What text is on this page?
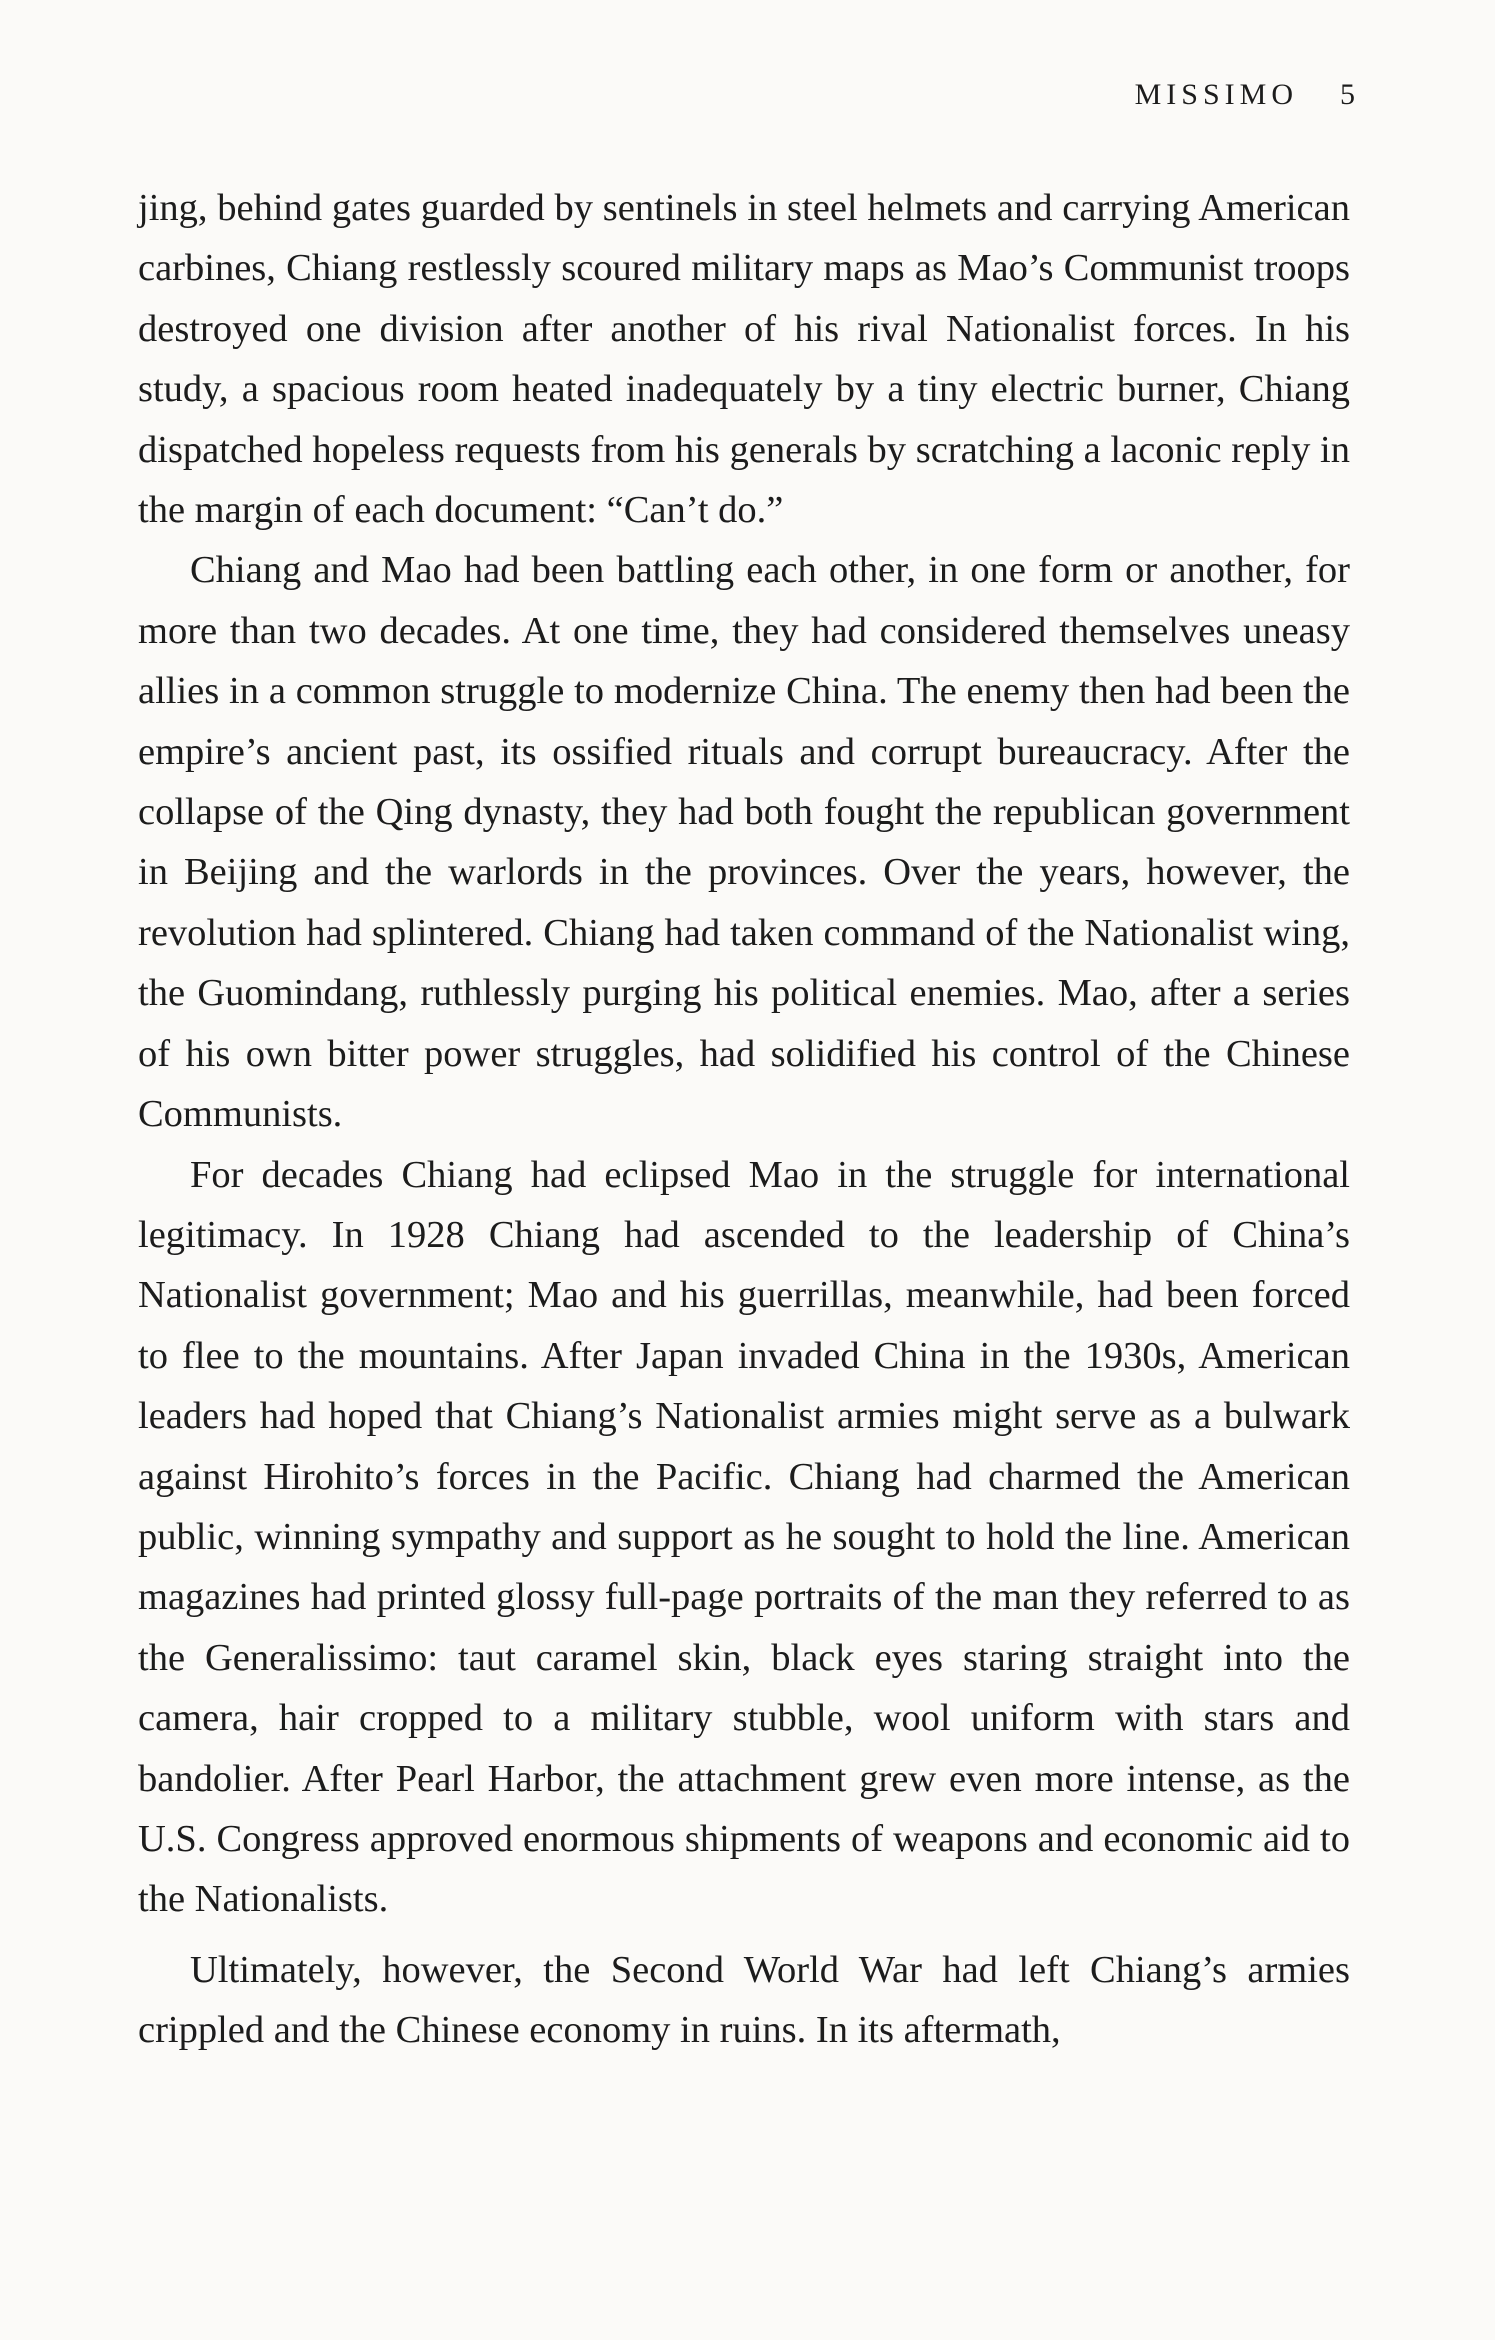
MISSIMO 5

jing, behind gates guarded by sentinels in steel helmets and carrying American carbines, Chiang restlessly scoured military maps as Mao’s Communist troops destroyed one division after another of his rival Nationalist forces. In his study, a spacious room heated inadequately by a tiny electric burner, Chiang dispatched hopeless requests from his generals by scratching a laconic reply in the margin of each document: “Can’t do.”

Chiang and Mao had been battling each other, in one form or another, for more than two decades. At one time, they had considered themselves uneasy allies in a common struggle to modernize China. The enemy then had been the empire’s ancient past, its ossified rituals and corrupt bureaucracy. After the collapse of the Qing dynasty, they had both fought the republican government in Beijing and the warlords in the provinces. Over the years, however, the revolution had splintered. Chiang had taken command of the Nationalist wing, the Guomindang, ruthlessly purging his political enemies. Mao, after a series of his own bitter power struggles, had solidified his control of the Chinese Communists.

For decades Chiang had eclipsed Mao in the struggle for international legitimacy. In 1928 Chiang had ascended to the leadership of China’s Nationalist government; Mao and his guerrillas, meanwhile, had been forced to flee to the mountains. After Japan invaded China in the 1930s, American leaders had hoped that Chiang’s Nationalist armies might serve as a bulwark against Hirohito’s forces in the Pacific. Chiang had charmed the American public, winning sympathy and support as he sought to hold the line. American magazines had printed glossy full-page portraits of the man they referred to as the Generalissimo: taut caramel skin, black eyes staring straight into the camera, hair cropped to a military stubble, wool uniform with stars and bandolier. After Pearl Harbor, the attachment grew even more intense, as the U.S. Congress approved enormous shipments of weapons and economic aid to the Nationalists.

Ultimately, however, the Second World War had left Chiang’s armies crippled and the Chinese economy in ruins. In its aftermath,
